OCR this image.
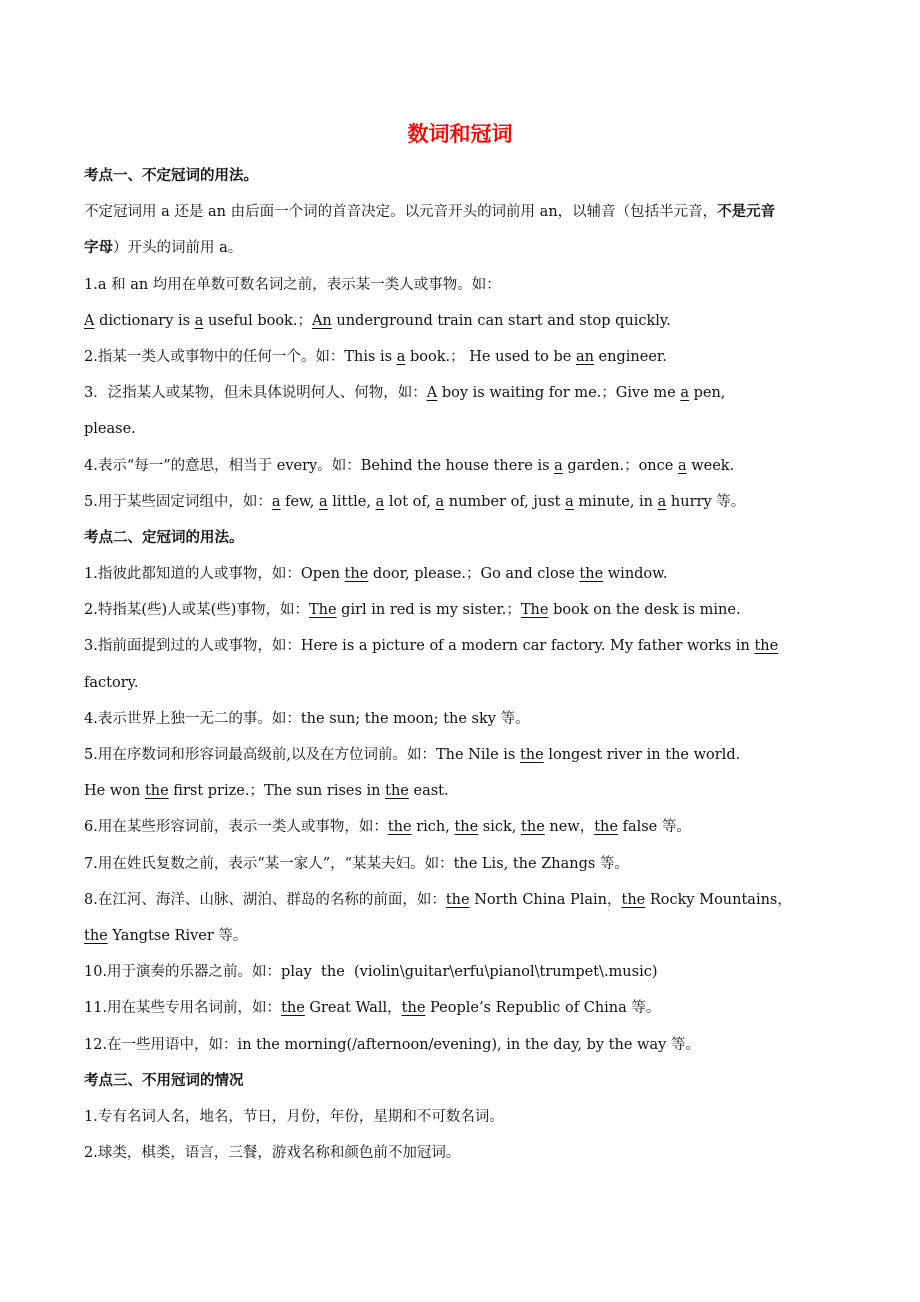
数词和冠词
考点一、不定冠词的用法。
不定冠词用 a 还是 an 由后面一个词的首音决定。以元音开头的词前用 an，以辅音（包括半元音，不是元音
字母）开头的词前用 a。
1.a 和 an 均用在单数可数名词之前，表示某一类人或事物。如：
A dictionary is a useful book.；An underground train can start and stop quickly.
2.指某一类人或事物中的任何一个。如：This is a book.； He used to be an engineer.
3．泛指某人或某物，但未具体说明何人、何物，如：A boy is waiting for me.；Give me a pen,
please.
4.表示“每一”的意思，相当于 every。如：Behind the house there is a garden.；once a week.
5.用于某些固定词组中，如：a few, a little, a lot of, a number of, just a minute, in a hurry 等。
考点二、定冠词的用法。
1.指彼此都知道的人或事物，如：Open the door, please.；Go and close the window.
2.特指某(些)人或某(些)事物，如：The girl in red is my sister.；The book on the desk is mine.
3.指前面提到过的人或事物，如：Here is a picture of a modern car factory. My father works in the
factory.
4.表示世界上独一无二的事。如：the sun; the moon; the sky 等。
5.用在序数词和形容词最高级前,以及在方位词前。如：The Nile is the longest river in the world.
He won the first prize.；The sun rises in the east.
6.用在某些形容词前，表示一类人或事物，如：the rich, the sick, the new，the false 等。
7.用在姓氏复数之前，表示“某一家人”，“某某夫妇。如：the Lis, the Zhangs 等。
8.在江河、海洋、山脉、湖泊、群岛的名称的前面，如：the North China Plain，the Rocky Mountains，
the Yangtse River 等。
10.用于演奏的乐器之前。如：play  the  (violin\guitar\erfu\pianol\trumpet\.music)
11.用在某些专用名词前，如：the Great Wall，the People’s Republic of China 等。
12.在一些用语中，如：in the morning(/afternoon/evening), in the day, by the way 等。
考点三、不用冠词的情况
1.专有名词人名，地名，节日，月份，年份，星期和不可数名词。
2.球类，棋类，语言，三餐，游戏名称和颜色前不加冠词。
